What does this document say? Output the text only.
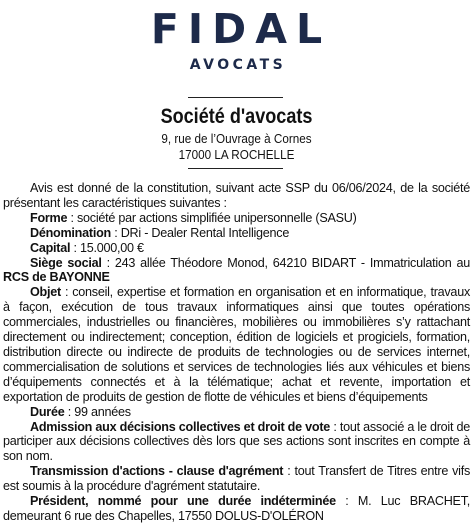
FIDAL
AVOCATS
Société d'avocats
9, rue de l’Ouvrage à Cornes
17000 LA ROCHELLE

Avis est donné de la constitution, suivant acte SSP du 06/06/2024, de la société présentant les caractéristiques suivantes :

Forme : société par actions simplifiée unipersonnelle (SASU)

Dénomination : DRi - Dealer Rental Intelligence

Capital : 15.000,00 €

Siège social : 243 allée Théodore Monod, 64210 BIDART - Immatriculation au RCS de BAYONNE

Objet : conseil, expertise et formation en organisation et en informatique, travaux à façon, exécution de tous travaux informatiques ainsi que toutes opérations commerciales, industrielles ou financières, mobilières ou immobilières s’y rattachant directement ou indirectement; conception, édition de logiciels et progiciels, formation, distribution directe ou indirecte de produits de technologies ou de services internet, commercialisation de solutions et services de technologies liés aux véhicules et biens d’équipements connectés et à la télématique; achat et revente, importation et exportation de produits de gestion de flotte de véhicules et biens d’équipements

Durée : 99 années

Admission aux décisions collectives et droit de vote : tout associé a le droit de participer aux décisions collectives dès lors que ses actions sont inscrites en compte à son nom.

Transmission d'actions - clause d'agrément : tout Transfert de Titres entre vifs est soumis à la procédure d'agrément statutaire.

Président, nommé pour une durée indéterminée : M. Luc BRACHET, demeurant 6 rue des Chapelles, 17550 DOLUS-D'OLÉRON
